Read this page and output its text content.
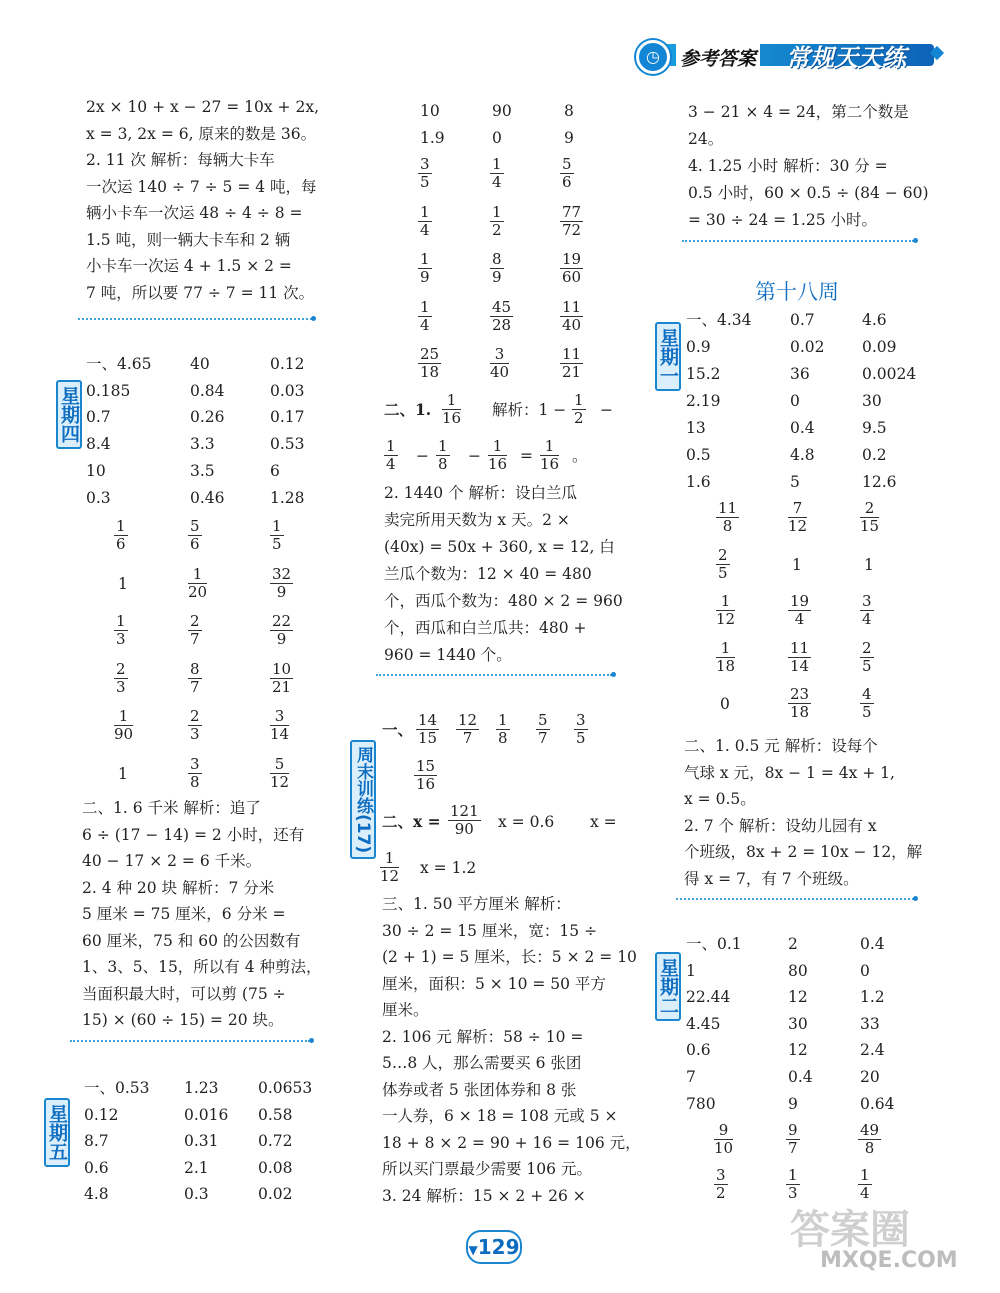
◷	参考答案 常规天天练
2x × 10 + x − 27 = 10x + 2x,
x = 3, 2x = 6, 原来的数是 36。
2. 11 次 解析：每辆大卡车
一次运 140 ÷ 7 ÷ 5 = 4 吨，每
辆小卡车一次运 48 ÷ 4 ÷ 8 =
1.5 吨，则一辆大卡车和 2 辆
小卡车一次运 4 + 1.5 × 2 =
7 吨，所以要 77 ÷ 7 = 11 次。
一、4.65 40	0.12
0.185	0.84	0.03
0.7	0.26	0.17
8.4	3.3	0.53
10	3.5	6
0.3	0.46	1.28
$\frac{1}{6}$	$\frac{5}{6}$	$\frac{1}{5}$
1	$\frac{1}{20}$	$\frac{32}{9}$
$\frac{1}{3}$	$\frac{2}{7}$	$\frac{22}{9}$
$\frac{2}{3}$	$\frac{8}{7}$	$\frac{10}{21}$
$\frac{1}{90}$	$\frac{2}{3}$	$\frac{3}{14}$
1	$\frac{3}{8}$	$\frac{5}{12}$
二、1. 6 千米 解析：追了
6 ÷ (17 − 14) = 2 小时，还有
40 − 17 × 2 = 6 千米。
2. 4 种 20 块 解析：7 分米
5 厘米 = 75 厘米，6 分米 =
60 厘米，75 和 60 的公因数有
1、3、5、15，所以有 4 种剪法，
当面积最大时，可以剪 (75 ÷
15) × (60 ÷ 15) = 20 块。
一、0.53 1.23	0.0653
0.12	0.016 0.58
8.7	0.31	0.72
0.6	2.1	0.08
4.8	0.3	0.02
10	90	8
1.9	0	9
$\frac{3}{5}$	$\frac{1}{4}$	$\frac{5}{6}$
$\frac{1}{4}$	$\frac{1}{2}$	$\frac{77}{72}$
$\frac{1}{9}$	$\frac{8}{9}$	$\frac{19}{60}$
$\frac{1}{4}$	$\frac{45}{28}$	$\frac{11}{40}$
$\frac{25}{18}$	$\frac{3}{40}$	$\frac{11}{21}$
二、1. $\frac{1}{16}$ 解析：$1 - \frac{1}{2}$ −
$\frac{1}{4} - \frac{1}{8} - \frac{1}{16} = \frac{1}{16}$ 。
2. 1440 个 解析：设白兰瓜
卖完所用天数为 x 天。2 ×
(40x) = 50x + 360, x = 12, 白
兰瓜个数为：12 × 40 = 480
个，西瓜个数为：480 × 2 = 960
个，西瓜和白兰瓜共：480 +
960 = 1440 个。
一、 $\frac{14}{15} \frac{12}{7} \frac{1}{8} \frac{5}{7} \frac{3}{5}$
$\frac{15}{16}$
二、$x = \frac{121}{90}$ x = 0.6 x =
$\frac{1}{12}$ x = 1.2
三、1. 50 平方厘米 解析：
30 ÷ 2 = 15 厘米，宽：15 ÷
(2 + 1) = 5 厘米，长：5 × 2 = 10
厘米，面积：5 × 10 = 50 平方
厘米。
2. 106 元 解析：58 ÷ 10 =
5…8 人，那么需要买 6 张团
体券或者 5 张团体券和 8 张
一人券，6 × 18 = 108 元或 5 ×
18 + 8 × 2 = 90 + 16 = 106 元，
所以买门票最少需要 106 元。
3. 24 解析：15 × 2 + 26 ×
3 − 21 × 4 = 24，第二个数是
24。
4. 1.25 小时 解析：30 分 =
0.5 小时，60 × 0.5 ÷ (84 − 60)
= 30 ÷ 24 = 1.25 小时。
一、4.34 0.7	4.6
0.9	0.02 0.09
15.2	36	0.0024
2.19	0	30
13	0.4	9.5
0.5	4.8	0.2
1.6	5	12.6
$\frac{11}{8}$	$\frac{7}{12}$	$\frac{2}{15}$
$\frac{2}{5}$	1	1
$\frac{1}{12}$	$\frac{19}{4}$	$\frac{3}{4}$
$\frac{1}{18}$	$\frac{11}{14}$	$\frac{2}{5}$
0	$\frac{23}{18}$	$\frac{4}{5}$
二、1. 0.5 元 解析：设每个
气球 x 元，8x − 1 = 4x + 1,
x = 0.5。
2. 7 个 解析：设幼儿园有 x
个班级，8x + 2 = 10x − 12，解
得 x = 7，有 7 个班级。
一、0.1	2	0.4
1	80	0
22.44	12	1.2
4.45	30	33
0.6	12	2.4
7	0.4	20
780	9	0.64
$\frac{9}{10}$	$\frac{9}{7}$	$\frac{49}{8}$
$\frac{3}{2}$	$\frac{1}{3}$	$\frac{1}{4}$
星期四
星期五
周末训练(17)
星期一
星期二
第十八周
▼129	答案圈
MXQE.COM
